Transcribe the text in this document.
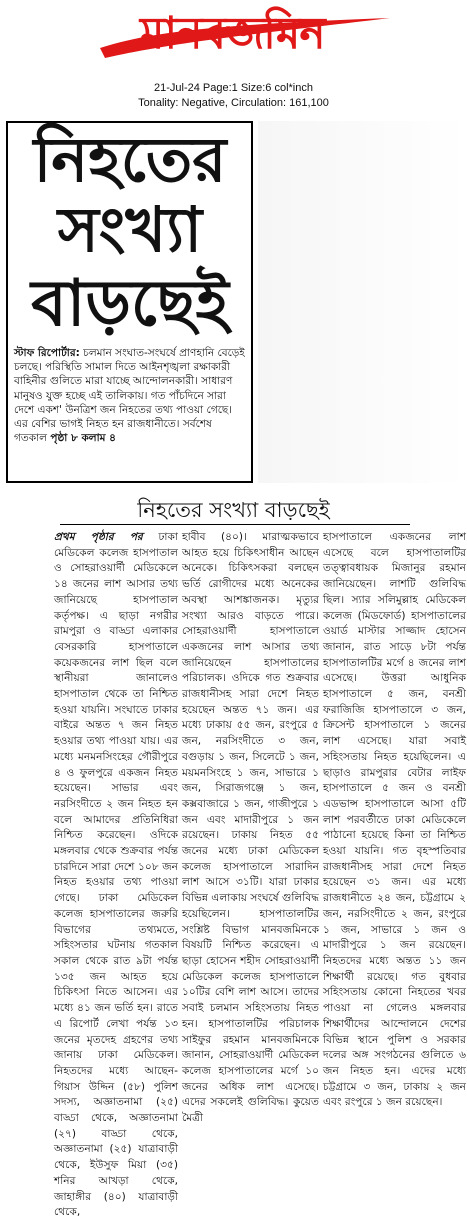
মানবজমিন
21-Jul-24 Page:1 Size:6 col*inch
Tonality: Negative, Circulation: 161,100
নিহতের
সংখ্যা
বাড়ছেই
স্টাফ রিপোর্টার: চলমান সংঘাত-সংঘর্ষে প্রাণহানি বেড়েই চলছে। পরিস্থিতি সামাল দিতে আইনশৃঙ্খলা রক্ষাকারী বাহিনীর গুলিতে মারা যাচ্ছে আন্দোলনকারী। সাধারণ মানুষও যুক্ত হচ্ছে এই তালিকায়। গত পাঁচদিনে সারা দেশে একশ' উনত্রিশ জন নিহতের তথ্য পাওয়া গেছে। এর বেশির ভাগই নিহত হন রাজধানীতে। সর্বশেষ গতকাল পৃষ্ঠা ৮ কলাম ৪
নিহতের সংখ্যা বাড়ছেই

প্রথম পৃষ্ঠার পর ঢাকা মেডিকেল কলেজ হাসপাতাল ও সোহরাওয়ার্দী মেডিকেলে ১৪ জনের লাশ আসার তথ্য জানিয়েছে হাসপাতাল কর্তৃপক্ষ। এ ছাড়া নগরীর রামপুরা ও বাড্ডা এলাকার বেসরকারি হাসপাতালে কয়েকজনের লাশ ছিল বলে স্থানীয়রা জানালেও হাসপাতাল থেকে তা নিশ্চিত হওয়া যায়নি। সংঘাতে ঢাকার বাইরে অন্তত ৭ জন নিহত হওয়ার তথ্য পাওয়া যায়। এর মধ্যে মনমনসিংহের গৌরীপুরে ৪ ও ফুলপুরে একজন নিহত হয়েছেন। সাভার এবং নরসিংদীতে ২ জন নিহত হন বলে আমাদের প্রতিনিধিরা নিশ্চিত করেছেন। ওদিকে মঙ্গলবার থেকে শুক্রবার পর্যন্ত চারদিনে সারা দেশে ১০৮ জন নিহত হওয়ার তথ্য পাওয়া গেছে। ঢাকা মেডিকেল কলেজ হাসপাতালের জরুরি বিভাগের তথ্যমতে, সহিংসতার ঘটনায় গতকাল সকাল থেকে রাত ৯টা পর্যন্ত ১৩৫ জন আহত হয়ে চিকিৎসা নিতে আসেন। এর মধ্যে ৪১ জন ভর্তি হন। রাতে এ রিপোর্ট লেখা পর্যন্ত ১৩ জনের মৃতদেহ গ্রহণের তথ্য জানায় ঢাকা মেডিকেল। নিহতদের মধ্যে আছেন- গিয়াস উদ্দিন (৫৮) পুলিশ সদস্য, অজ্ঞাতনামা (২৫) বাড্ডা থেকে, অজ্ঞাতনামা (২৭) বাড্ডা থেকে, অজ্ঞাতনামা (২৫) যাত্রাবাড়ী থেকে, ইউসুফ মিয়া (৩৫) শনির আখড়া থেকে, জাহাঙ্গীর (৪০) যাত্রাবাড়ী থেকে,

হাবীব (৪০)। মারাত্মকভাবে আহত হয়ে চিকিৎসাধীন আছেন অনেকে। চিকিৎসকরা বলছেন ভর্তি রোগীদের মধ্যে অনেকের অবস্থা আশঙ্কাজনক। মৃত্যুর সংখ্যা আরও বাড়তে পারে। সোহরাওয়ার্দী হাসপাতালে একজনের লাশ আসার তথ্য জানিয়েছেন হাসপাতালের পরিচালক। ওদিকে গত শুক্রবার রাজধানীসহ সারা দেশে নিহত হয়েছেন অন্তত ৭১ জন। এর মধ্যে ঢাকায় ৫৫ জন, রংপুরে ৫ জন, নরসিংদীতে ৩ জন, বগুড়ায় ১ জন, সিলেটে ১ জন, ময়মনসিংহে ১ জন, সাভারে ১ জন, সিরাজগঞ্জে ১ জন, কক্সবাজারে ১ জন, গাজীপুরে ১ জন এবং মাদারীপুরে ১ জন রয়েছেন। ঢাকায় নিহত ৫৫ জনের মধ্যে ঢাকা মেডিকেল কলেজ হাসপাতালে সারাদিন লাশ আসে ৩১টি। যারা ঢাকার বিভিন্ন এলাকায় সংঘর্ষে গুলিবিদ্ধ হয়েছিলেন। হাসপাতালটির সংশ্লিষ্ট বিভাগ মানবজমিনকে বিষয়টি নিশ্চিত করেছেন। এ ছাড়া হোসেন শহীদ সোহরাওয়ার্দী মেডিকেল কলেজ হাসপাতালে ১০টির বেশি লাশ আসে। তাদের সবাই চলমান সহিংসতায় নিহত হন। হাসপাতালটির পরিচালক সাইফুর রহমান মানবজমিনকে জানান, সোহরাওয়ার্দী মেডিকেল কলেজ হাসপাতালের মর্গে ১০ জনের অধিক লাশ এসেছে। এদের সকলেই গুলিবিদ্ধ। কুয়েত মৈত্রী

হাসপাতালে একজনের লাশ এসেছে বলে হাসপাতালটির তত্ত্বাবধায়ক মিজানুর রহমান জানিয়েছেন। লাশটি গুলিবিদ্ধ ছিল। স্যার সলিমুল্লাহ মেডিকেল কলেজ (মিডফোর্ড) হাসপাতালের ওয়ার্ড মাস্টার সাজ্জাদ হোসেন জানান, রাত সাড়ে ৮টা পর্যন্ত হাসপাতালটির মর্গে ৪ জনের লাশ এসেছে। উত্তরা আধুনিক হাসপাতালে ৫ জন, বনশ্রী ফরাজিজি হাসপাতালে ৩ জন, ক্রিসেন্ট হাসপাতালে ১ জনের লাশ এসেছে। যারা সবাই সহিংসতায় নিহত হয়েছিলেন। এ ছাড়াও রামপুরার বেটার লাইফ হাসপাতালে ৫ জন ও বনশ্রী এডভান্স হাসপাতালে আসা ৫টি লাশ পরবর্তীতে ঢাকা মেডিকেলে পাঠানো হয়েছে কিনা তা নিশ্চিত হওয়া যায়নি। গত বৃহস্পতিবার রাজধানীসহ সারা দেশে নিহত হয়েছেন ৩১ জন। এর মধ্যে রাজধানীতে ২৪ জন, চট্টগ্রামে ২ জন, নরসিংদীতে ২ জন, রংপুরে ১ জন, সাভারে ১ জন ও মাদারীপুরে ১ জন রয়েছেন। নিহতদের মধ্যে অন্তত ১১ জন শিক্ষার্থী রয়েছে। গত বুধবার সহিংসতায় কোনো নিহতের খবর পাওয়া না গেলেও মঙ্গলবার শিক্ষার্থীদের আন্দোলনে দেশের বিভিন্ন স্থানে পুলিশ ও সরকার দলের অঙ্গ সংগঠনের গুলিতে ৬ জন নিহত হন। এদের মধ্যে চট্টগ্রামে ৩ জন, ঢাকায় ২ জন এবং রংপুরে ১ জন রয়েছেন।
